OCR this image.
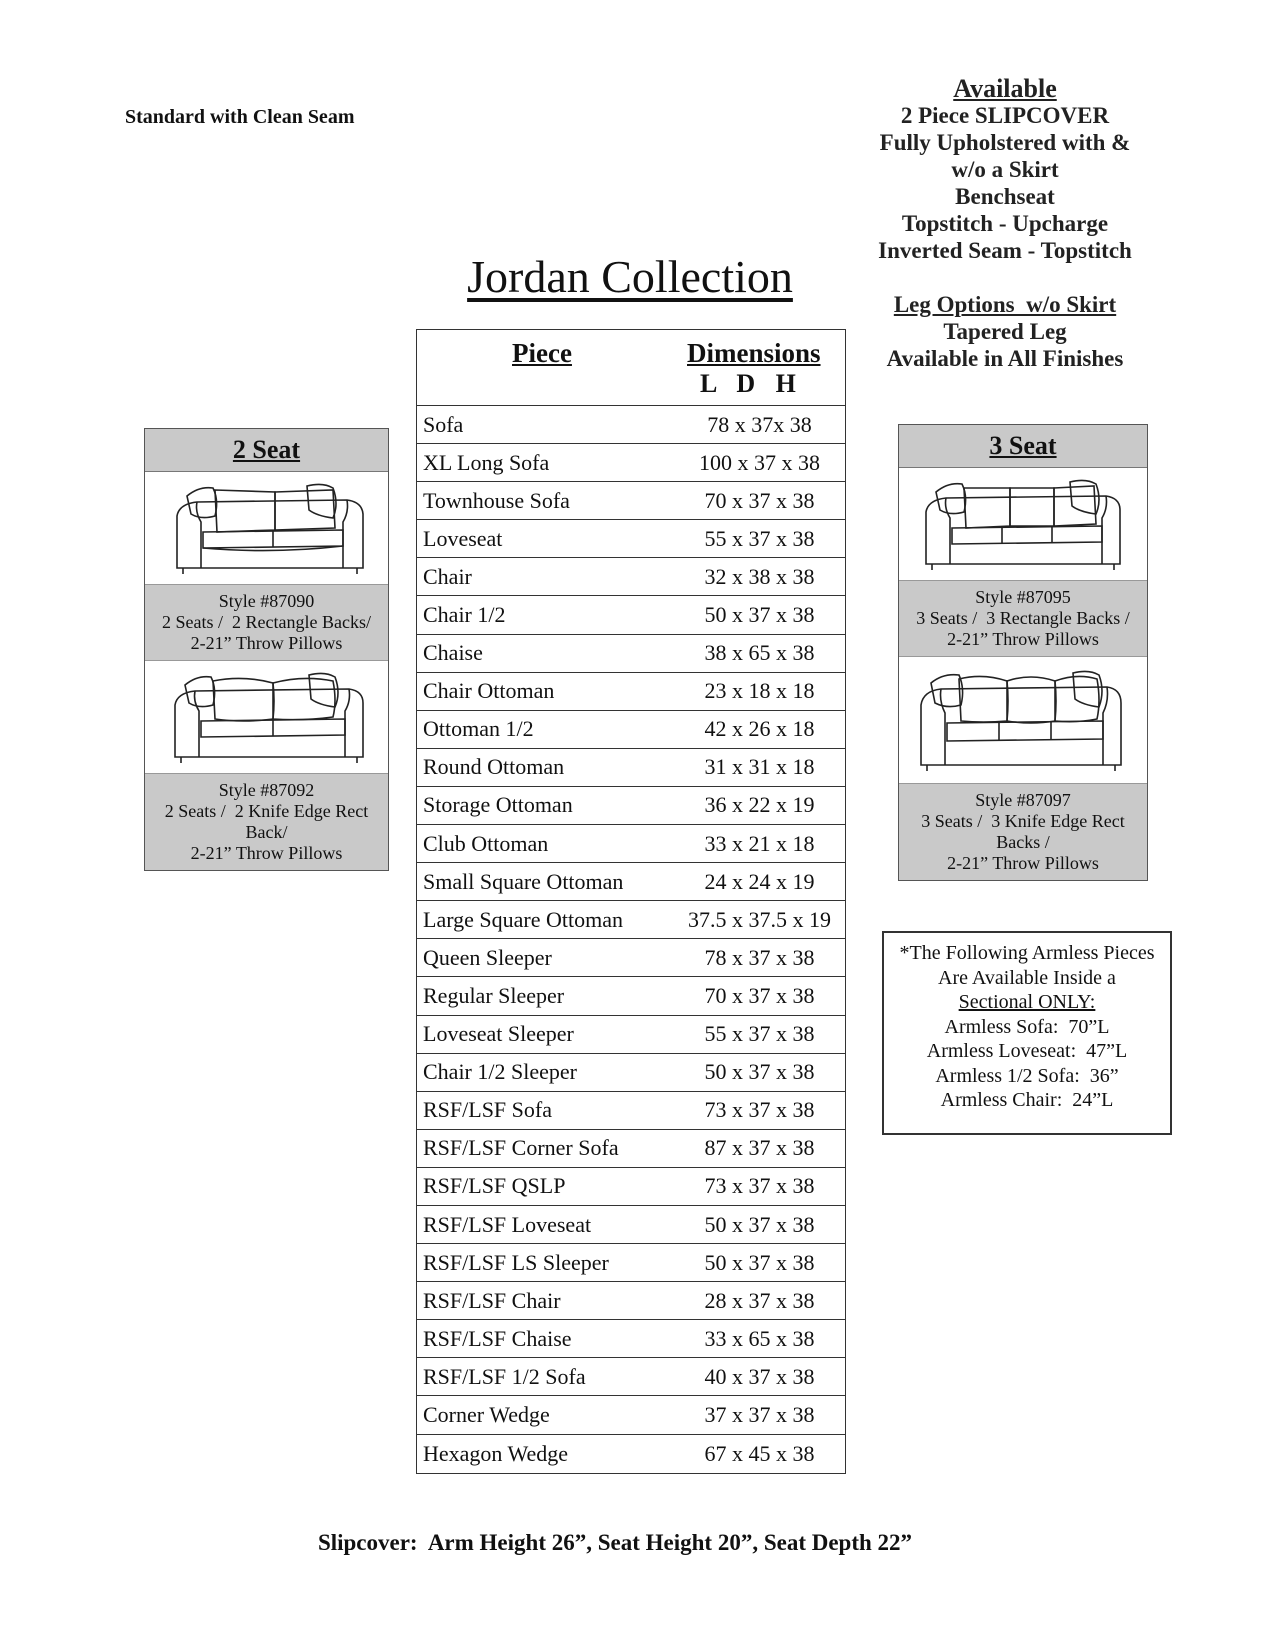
Standard with Clean Seam
Available
2 Piece SLIPCOVER
Fully Upholstered with &
w/o a Skirt
Benchseat
Topstitch - Upcharge
Inverted Seam - Topstitch
Leg Options  w/o Skirt
Tapered Leg
Available in All Finishes
Jordan Collection
Piece	Dimensions
L D H
Sofa	78 x 37x 38
XL Long Sofa	100 x 37 x 38
Townhouse Sofa	70 x 37 x 38
Loveseat	55 x 37 x 38
Chair	32 x 38 x 38
Chair 1/2	50 x 37 x 38
Chaise	38 x 65 x 38
Chair Ottoman	23 x 18 x 18
Ottoman 1/2	42 x 26 x 18
Round Ottoman	31 x 31 x 18
Storage Ottoman	36 x 22 x 19
Club Ottoman	33 x 21 x 18
Small Square Ottoman	24 x 24 x 19
Large Square Ottoman	37.5 x 37.5 x 19
Queen Sleeper	78 x 37 x 38
Regular Sleeper	70 x 37 x 38
Loveseat Sleeper	55 x 37 x 38
Chair 1/2 Sleeper	50 x 37 x 38
RSF/LSF Sofa	73 x 37 x 38
RSF/LSF Corner Sofa	87 x 37 x 38
RSF/LSF QSLP	73 x 37 x 38
RSF/LSF Loveseat	50 x 37 x 38
RSF/LSF LS Sleeper	50 x 37 x 38
RSF/LSF Chair	28 x 37 x 38
RSF/LSF Chaise	33 x 65 x 38
RSF/LSF 1/2 Sofa	40 x 37 x 38
Corner Wedge	37 x 37 x 38
Hexagon Wedge	67 x 45 x 38
2 Seat
Style #87090
2 Seats /  2 Rectangle Backs/
2-21” Throw Pillows
Style #87092
2 Seats /  2 Knife Edge Rect
Back/
2-21” Throw Pillows
3 Seat
Style #87095
3 Seats /  3 Rectangle Backs /
2-21” Throw Pillows
Style #87097
3 Seats /  3 Knife Edge Rect
Backs /
2-21” Throw Pillows
*The Following Armless Pieces
Are Available Inside a
Sectional ONLY:
Armless Sofa:  70”L
Armless Loveseat:  47”L
Armless 1/2 Sofa:  36”
Armless Chair:  24”L
Slipcover:  Arm Height 26”, Seat Height 20”, Seat Depth 22”
